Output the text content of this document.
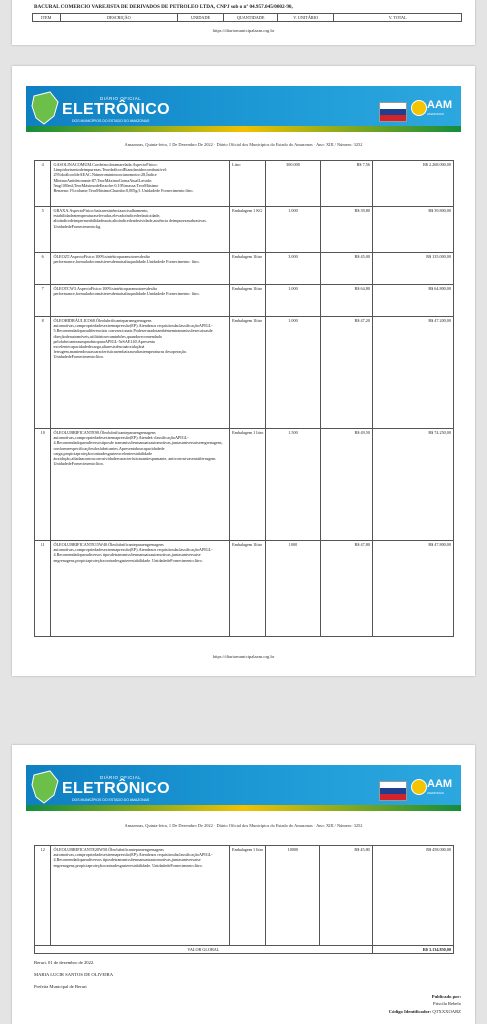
BACURAL COMERCIO VAREJISTA DE DERIVADOS DE PETROLEO LTDA, CNPJ sob o nº 04.957.045/0002-90,
ITEM	DESCRIÇÃO	UNIDADE	QUANTIDADE	V. UNITÁRIO	V. TOTAL
https://diariomunicipalaam.org.br
DIÁRIO OFICIAL
ELETRÔNICO
DOS MUNICÍPIOS DO ESTADO DO AMAZONAS
AAM
AMAZONAS
Amazonas, Quinta-feira, 1 De Dezembro De 2022 · Diário Oficial dos Municípios do Estado do Amazonas · Ano: XIII / Número: 3252
4	GASOLINACOMUM.Cordeincoloramarelada.AspectoFísico: Límpidoeisentodeimpurezas.TeordeálcoolEtanolanidrocombustível: 25%doálcooldeAEAC.Númerominimooctanomotor:28,Índice MínimoAntidetonante:87;TeorMáximoGomaAtualLavado: 5mg/100ml;TeorMáximodeEnxofre:0,10%massa;TeorMáximo Benzeno:1%volume;TeorMáximoChumbo:0,005g/l. Unidadede Fornecimento:litro.	Litro	300.000	R$ 7,56	R$ 2.268.000,00
5	GRAXA.AspectoFísico:baixaresistênciaaocisalhamento, estabilidadeatemperaturaselevadas,elevadoíndicedeelasticidade, altoíndicedeimpermeabilidadeaoár,altoíndicedeadesividade,ausência deimpurezasabrasivas. UnidadedeFornecimento:kg.	Embalagem 1 KG	1.000	R$ 39,80	R$ 39.800,00
6	ÓLEO2T.AspectoFísico:100%sintéticoparamotoresdealto performance,formuladocomásteresdemaisaltaqualidade.Unidadede Fornecimento: litro.	Embalagem 1litro	3.000	R$ 45,00	R$ 135.000,00
7	ÓLEOTCW3.AspectoFísico:100%sintéticoparamotoresdealta performance,formuladocomásteresdemaisaltaqualidade.Unidadede Fornecimento: litro.	Embalagem 1litro	1.000	R$ 64,80	R$ 64.800,00
8	ÓLEOHIDRÁULICO68.Óleolubrificanteparaengrenagens automotivas,compropriedadesextremapressão(EP).Atendeaos requisitosdaclassificaçãoAPIGL-5.Recomendadoparadiferenciais convencionais.Podeserusadotambémemtransmissõesecaixasde direçãodeautomóveis,utilitáriosecaminhões,quandorecomendado pelofabricanteaumprodutoparaAPIGL-5eSAE140.Apresenta excelentecapacidadedecarga,altaresistênciaàoxidaçãoà ferrugem,mantendosuascaracterísticasembaixasealtastemperaturas desoperação. UnidadedeFornecimento:litro.	Embalagem 1litro	1.000	R$ 47,20	R$ 47.200,00
10	ÓLEOLUBRIFICANTE90.Óleolubrificanteparaengrenagens automotivas,compropriedadesextremapressão(EP).Atendeà classificaçãoAPIGL-4.Recomendadoparadiversostiposde transmissõesmanuaisautomotivas,juntasuniversaiseengrenagens, conformeespecificaçõesdosfabricantes.Apresentaboacapacidadede carga,propiciaproteçãocontradesgasteexcelenteestabilidade àoxidação,aliadaacontracorrosividadeecaracterísticasantiespumante, anticorrosivaseantiferrugem. UnidadedeFornecimento:litro.	Embalagem 1 litro	1.500	R$ 49,50	R$ 74.250,00
11	ÓLEOLUBRIFICANTE15W40.Óleolubrificanteparaengrenagens automotivas,compropriedadesextremapressão(EP).Atendeaos requisitosdaclassificaçãoAPIGL-4.Recomendadoparadiversos tiposdetransmissõesmanuaisautomotivas,juntasuniversaise engrenagens,propiciaproteçãocontradesgasteeestabilidade. UnidadedeFornecimento:litro.	Embalagem 1litro	1000	R$ 47,80	R$ 47.800,00
https://diariomunicipalaam.org.br
DIÁRIO OFICIAL
ELETRÔNICO
DOS MUNICÍPIOS DO ESTADO DO AMAZONAS
AAM
AMAZONAS
Amazonas, Quinta-feira, 1 De Dezembro De 2022 · Diário Oficial dos Municípios do Estado do Amazonas · Ano: XIII / Número: 3252
12	ÓLEOLUBRIFICANTE20W50.Óleolubrificanteparaengrenagens automotivas,compropriedadesextremapressão(EP).Atendeaos requisitosdaclassificaçãoAPIGL-4.Recomendadoparadiversos tiposdetransmissõesmanuaisautomotivas,juntasuniversaise engrenagens,propiciaproteçãocontradesgasteeestabilidade. UnidadedeFornecimento:litro.	Embalagem 1 litro	10000	R$ 45,80	R$ 458.000,00
VALOR GLOBAL					R$ 3.134.850,00
Beruri, 01 de dezembro de 2022.
MARIA LUCIR SANTOS DE OLIVEIRA
Prefeita Municipal de Beruri
Publicado por:
Priscila Rebelo
Código Identificador: QTXXXOABZ
